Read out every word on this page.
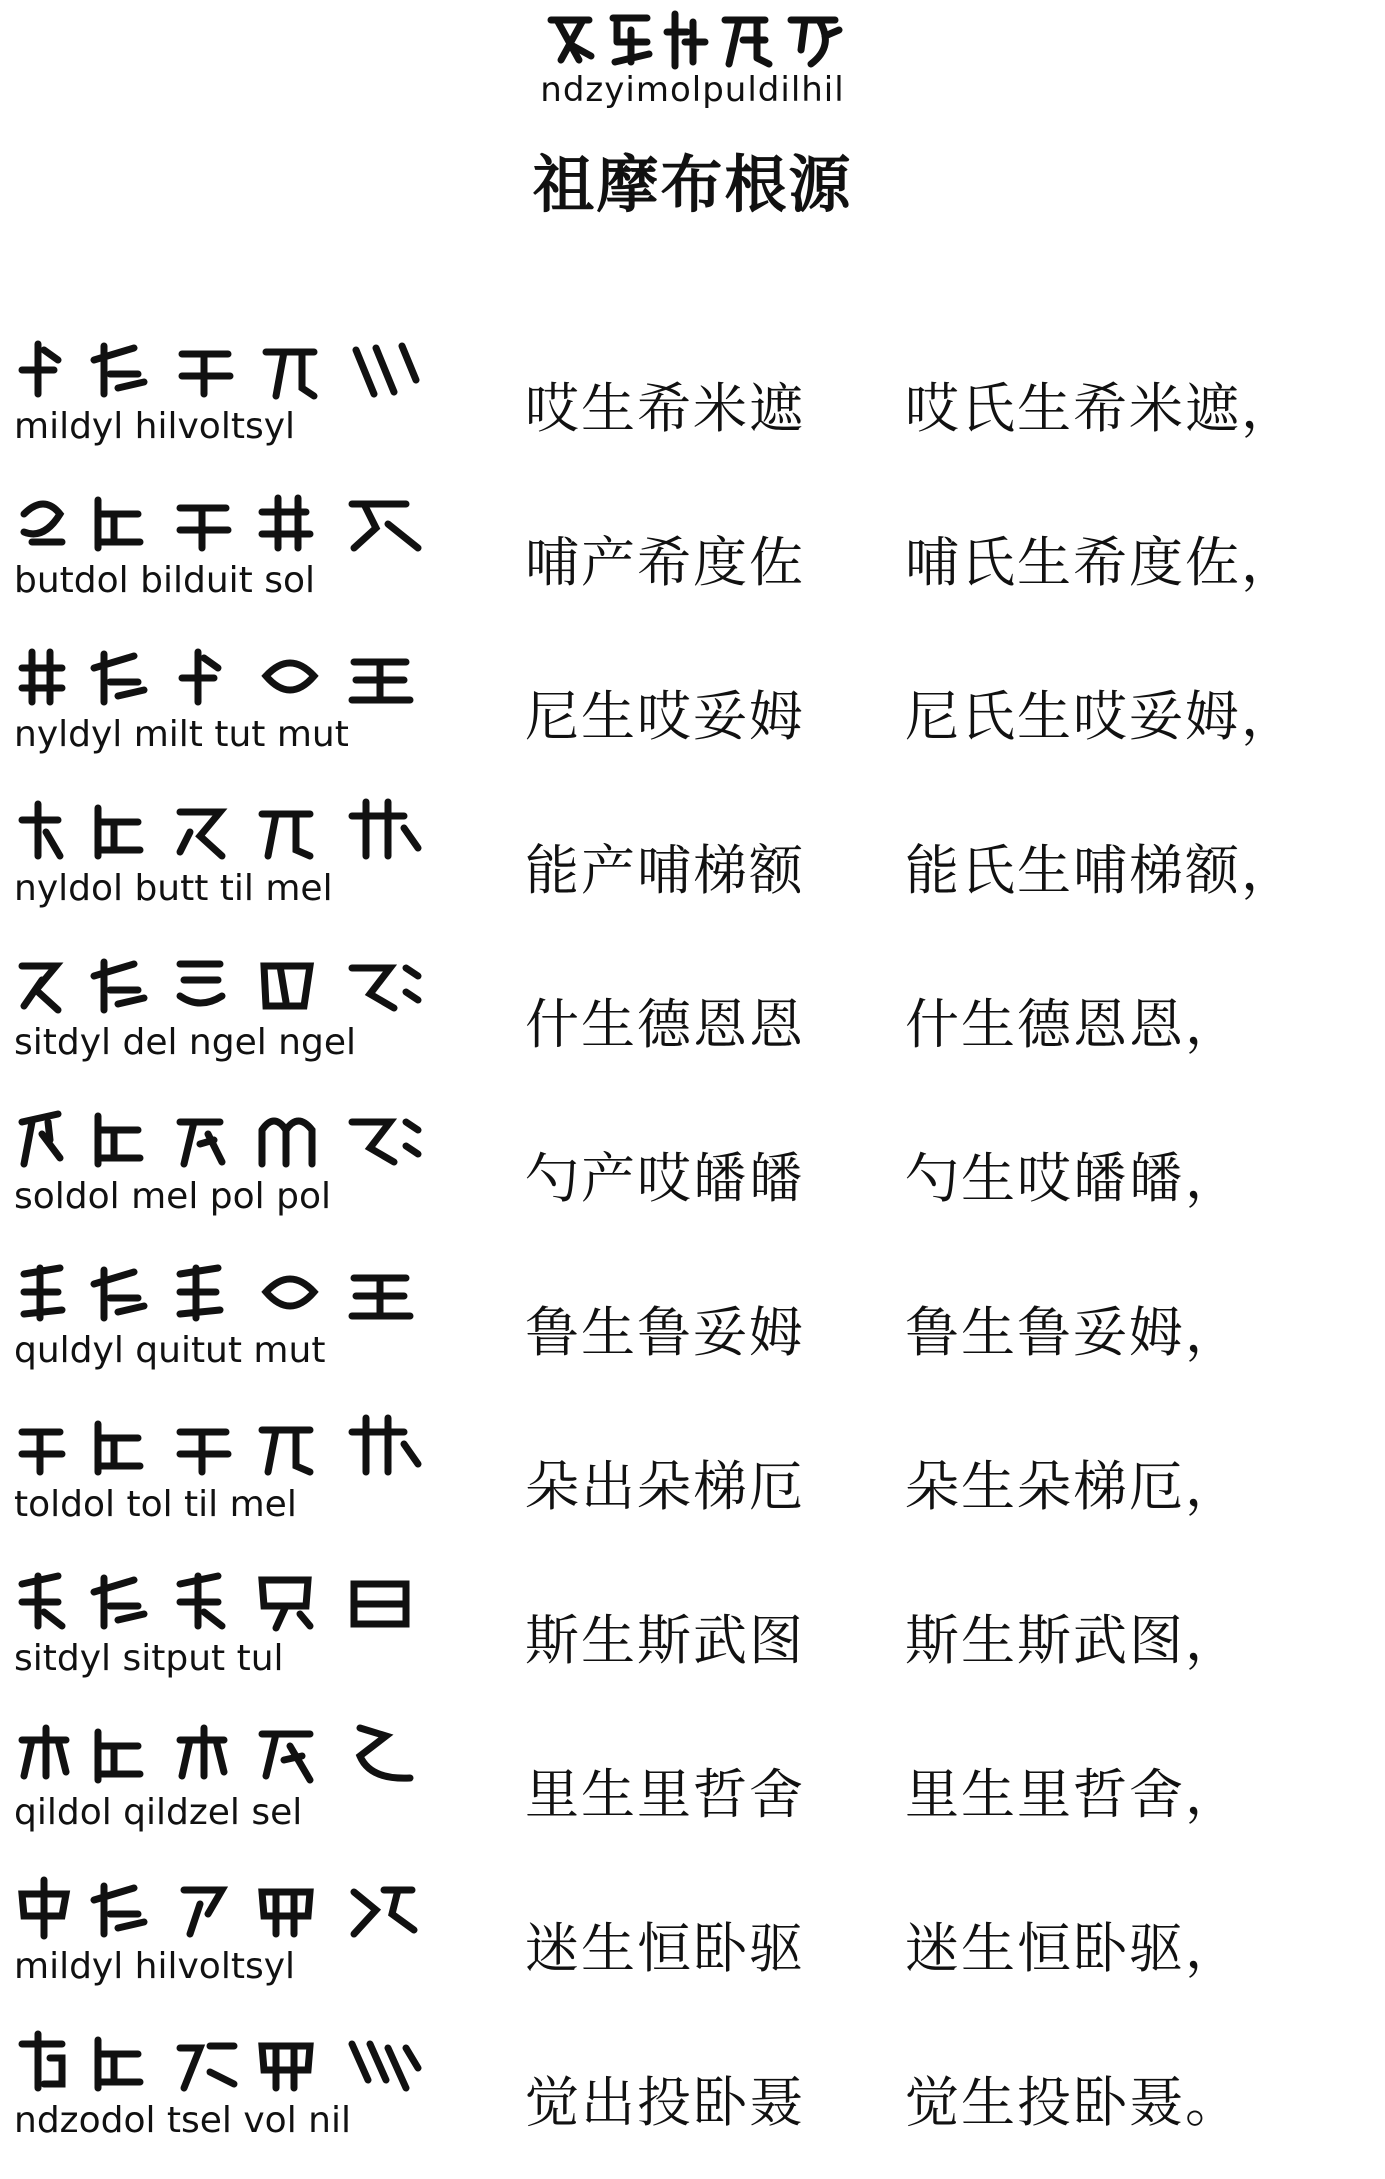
ndzyimolpuldilhil
祖摩布根源
mildyl hilvoltsyl	哎生希米遮 哎氏生希米遮，
butdol bilduit sol	哺产希度佐 哺氏生希度佐，
nyldyl milt tut mut	尼生哎妥姆 尼氏生哎妥姆，
nyldol butt til mel	能产哺梯额 能氏生哺梯额，
sitdyl del ngel ngel	什生德恩恩 什生德恩恩，
soldol mel pol pol	勺产哎皤皤 勺生哎皤皤，
quldyl quitut mut	鲁生鲁妥姆 鲁生鲁妥姆，
toldol tol til mel	朵出朵梯厄 朵生朵梯厄，
sitdyl sitput tul	斯生斯武图 斯生斯武图，
qildol qildzel sel	里生里哲舍 里生里哲舍，
mildyl hilvoltsyl	迷生恒卧驱 迷生恒卧驱，
ndzodol tsel vol nil	觉出投卧聂 觉生投卧聂。
